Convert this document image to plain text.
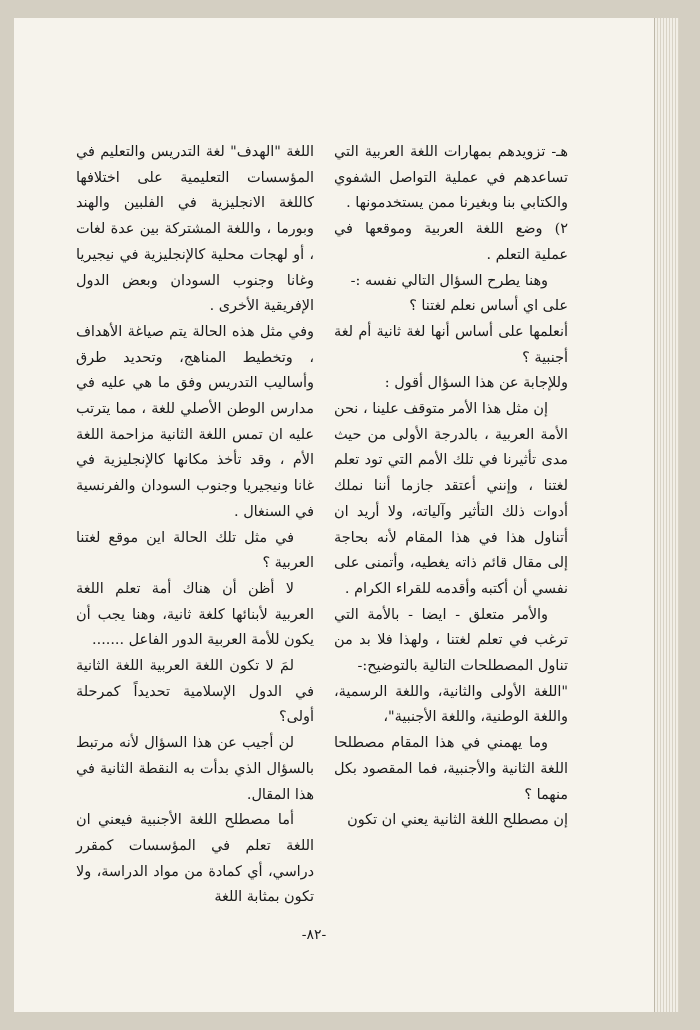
هـ- تزويدهم بمهارات اللغة العربية التي تساعدهم في عملية التواصل الشفوي والكتابي بنا وبغيرنا ممن يستخدمونها .

٢) وضع اللغة العربية وموقعها في عملية التعلم .

وهنا يطرح السؤال التالي نفسه :-

على اي أساس نعلم لغتنا ؟

أنعلمها على أساس أنها لغة ثانية أم لغة أجنبية ؟

وللإجابة عن هذا السؤال أقول :

إن مثل هذا الأمر متوقف علينا ، نحن الأمة العربية ، بالدرجة الأولى من حيث مدى تأثيرنا في تلك الأمم التي تود تعلم لغتنا ، وإنني أعتقد جازما أننا نملك أدوات ذلك التأثير وآلياته، ولا أريد ان أتناول هذا في هذا المقام لأنه بحاجة إلى مقال قائم ذاته يغطيه، وأتمنى على نفسي أن أكتبه وأقدمه للقراء الكرام .

والأمر متعلق - ايضا - بالأمة التي ترغب في تعلم لغتنا ، ولهذا فلا بد من تناول المصطلحات التالية بالتوضيح:-

"اللغة الأولى والثانية، واللغة الرسمية، واللغة الوطنية، واللغة الأجنبية"،

وما يهمني في هذا المقام مصطلحا اللغة الثانية والأجنبية، فما المقصود بكل منهما ؟

إن مصطلح اللغة الثانية يعني ان تكون

اللغة "الهدف" لغة التدريس والتعليم في المؤسسات التعليمية على اختلافها كاللغة الانجليزية في الفلبين والهند وبورما ، واللغة المشتركة بين عدة لغات ، أو لهجات محلية كالإنجليزية في نيجيريا وغانا وجنوب السودان وبعض الدول الإفريقية الأخرى .

وفي مثل هذه الحالة يتم صياغة الأهداف ، وتخطيط المناهج، وتحديد طرق وأساليب التدريس وفق ما هي عليه في مدارس الوطن الأصلي للغة ، مما يترتب عليه ان تمس اللغة الثانية مزاحمة اللغة الأم ، وقد تأخذ مكانها كالإنجليزية في غانا ونيجيريا وجنوب السودان والفرنسية في السنغال .

في مثل تلك الحالة اين موقع لغتنا العربية ؟

لا أظن أن هناك أمة تعلم اللغة العربية لأبنائها كلغة ثانية، وهنا يجب أن يكون للأمة العربية الدور الفاعل .......

لمَ لا تكون اللغة العربية اللغة الثانية في الدول الإسلامية تحديداً كمرحلة أولى؟

لن أجيب عن هذا السؤال لأنه مرتبط بالسؤال الذي بدأت به النقطة الثانية في هذا المقال.

أما مصطلح اللغة الأجنبية فيعني ان اللغة تعلم في المؤسسات كمقرر دراسي، أي كمادة من مواد الدراسة، ولا تكون بمثابة اللغة

-٨٢-
